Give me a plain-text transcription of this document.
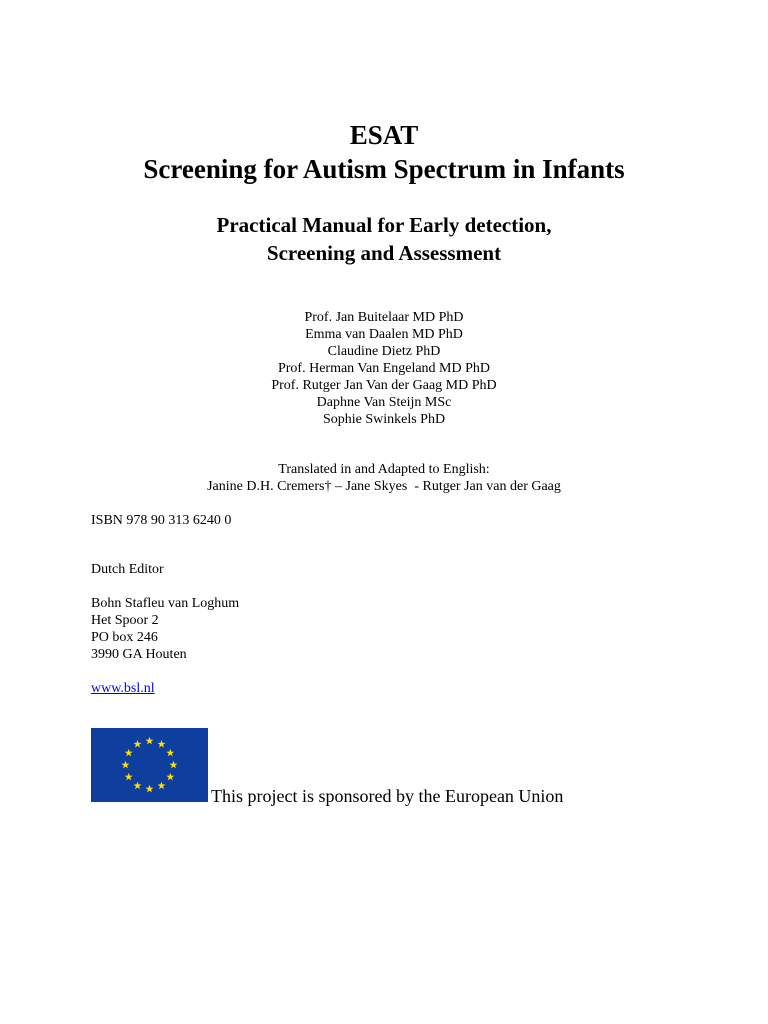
ESAT
Screening for Autism Spectrum in Infants
Practical Manual for Early detection,
Screening and Assessment
Prof. Jan Buitelaar MD PhD
Emma van Daalen MD PhD
Claudine Dietz PhD
Prof. Herman Van Engeland MD PhD
Prof. Rutger Jan Van der Gaag MD PhD
Daphne Van Steijn MSc
Sophie Swinkels PhD
Translated in and Adapted to English:
Janine D.H. Cremers† – Jane Skyes  - Rutger Jan van der Gaag
ISBN 978 90 313 6240 0
Dutch Editor
Bohn Stafleu van Loghum
Het Spoor 2
PO box 246
3990 GA Houten
www.bsl.nl
This project is sponsored by the European Union
